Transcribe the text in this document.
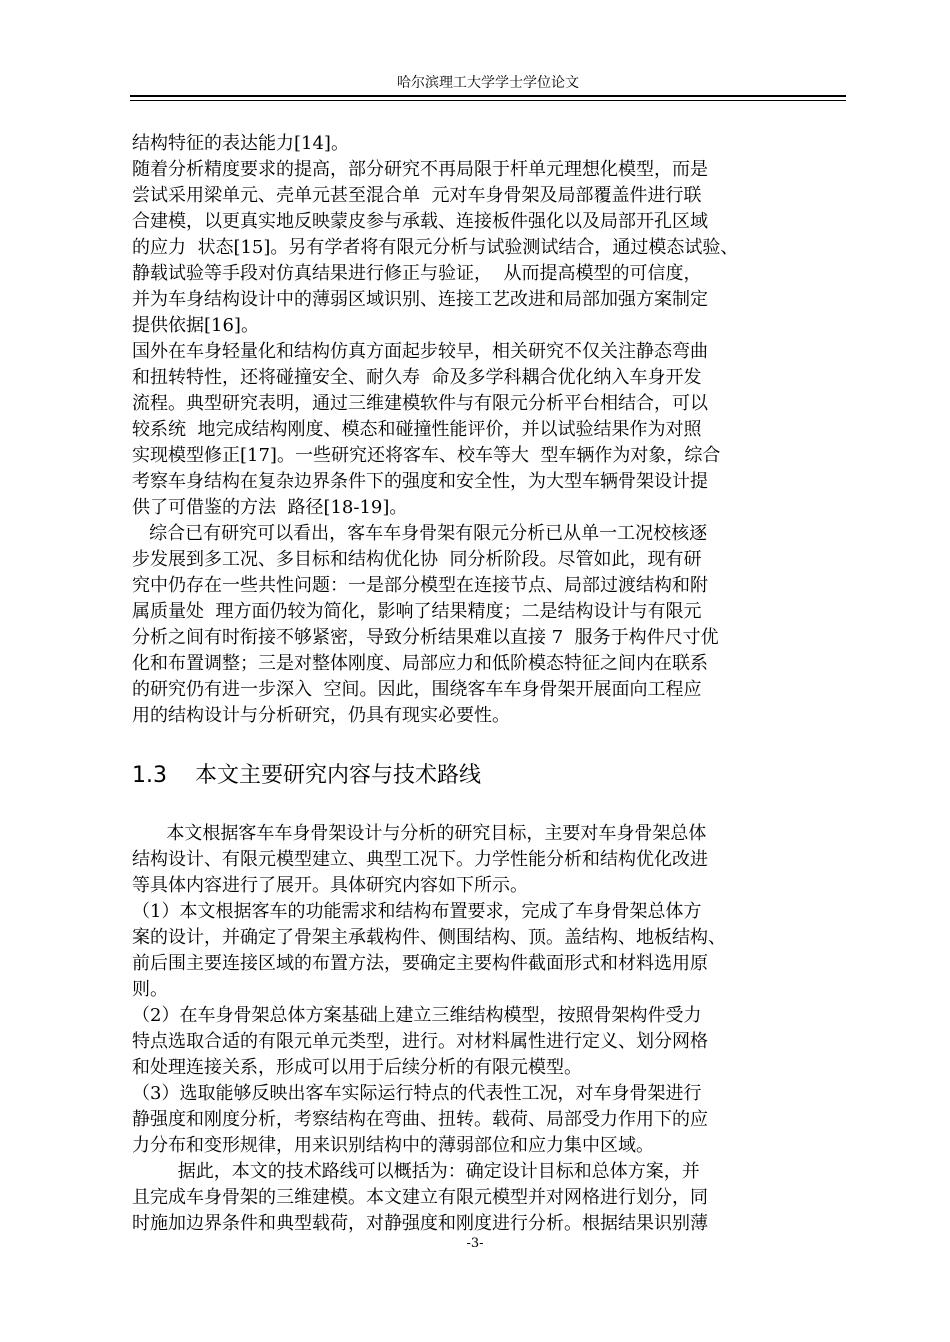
哈尔滨理工大学学士学位论文
结构特征的表达能力[14]。
随着分析精度要求的提高，部分研究不再局限于杆单元理想化模型，而是
尝试采用梁单元、壳单元甚至混合单  元对车身骨架及局部覆盖件进行联
合建模，以更真实地反映蒙皮参与承载、连接板件强化以及局部开孔区域
的应力  状态[15]。另有学者将有限元分析与试验测试结合，通过模态试验、
静载试验等手段对仿真结果进行修正与验证，  从而提高模型的可信度，
并为车身结构设计中的薄弱区域识别、连接工艺改进和局部加强方案制定
提供依据[16]。
国外在车身轻量化和结构仿真方面起步较早，相关研究不仅关注静态弯曲
和扭转特性，还将碰撞安全、耐久寿  命及多学科耦合优化纳入车身开发
流程。典型研究表明，通过三维建模软件与有限元分析平台相结合，可以
较系统  地完成结构刚度、模态和碰撞性能评价，并以试验结果作为对照
实现模型修正[17]。一些研究还将客车、校车等大  型车辆作为对象，综合
考察车身结构在复杂边界条件下的强度和安全性，为大型车辆骨架设计提
供了可借鉴的方法  路径[18-19]。
综合已有研究可以看出，客车车身骨架有限元分析已从单一工况校核逐
步发展到多工况、多目标和结构优化协  同分析阶段。尽管如此，现有研
究中仍存在一些共性问题：一是部分模型在连接节点、局部过渡结构和附
属质量处  理方面仍较为简化，影响了结果精度；二是结构设计与有限元
分析之间有时衔接不够紧密，导致分析结果难以直接 7  服务于构件尺寸优
化和布置调整；三是对整体刚度、局部应力和低阶模态特征之间内在联系
的研究仍有进一步深入  空间。因此，围绕客车车身骨架开展面向工程应
用的结构设计与分析研究，仍具有现实必要性。
1.3    本文主要研究内容与技术路线
本文根据客车车身骨架设计与分析的研究目标，主要对车身骨架总体
结构设计、有限元模型建立、典型工况下。力学性能分析和结构优化改进
等具体内容进行了展开。具体研究内容如下所示。
（1）本文根据客车的功能需求和结构布置要求，完成了车身骨架总体方
案的设计，并确定了骨架主承载构件、侧围结构、顶。盖结构、地板结构、
前后围主要连接区域的布置方法，要确定主要构件截面形式和材料选用原
则。
（2）在车身骨架总体方案基础上建立三维结构模型，按照骨架构件受力
特点选取合适的有限元单元类型，进行。对材料属性进行定义、划分网格
和处理连接关系，形成可以用于后续分析的有限元模型。
（3）选取能够反映出客车实际运行特点的代表性工况，对车身骨架进行
静强度和刚度分析，考察结构在弯曲、扭转。载荷、局部受力作用下的应
力分布和变形规律，用来识别结构中的薄弱部位和应力集中区域。
据此，本文的技术路线可以概括为：确定设计目标和总体方案，并
且完成车身骨架的三维建模。本文建立有限元模型并对网格进行划分，同
时施加边界条件和典型载荷，对静强度和刚度进行分析。根据结果识别薄
-3-
